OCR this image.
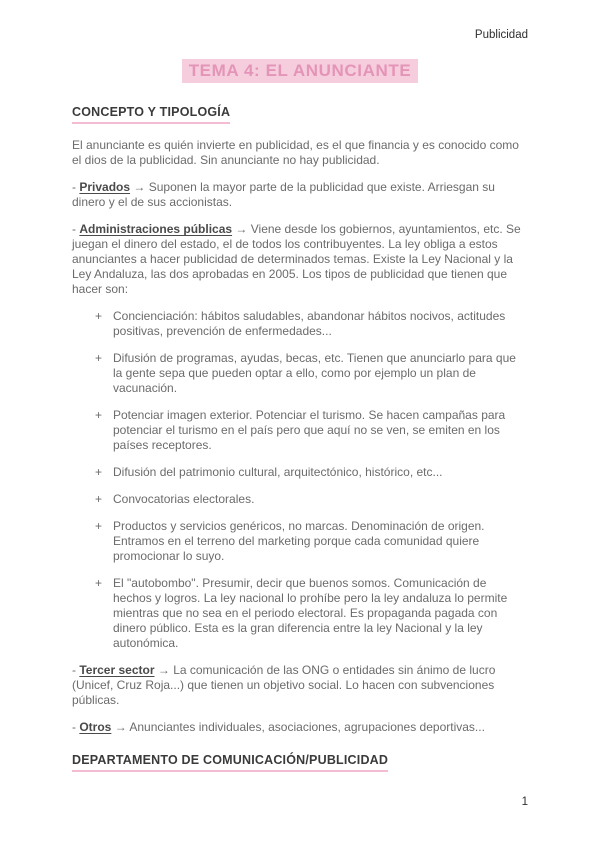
Publicidad
TEMA 4: EL ANUNCIANTE
CONCEPTO Y TIPOLOGÍA

El anunciante es quién invierte en publicidad, es el que financia y es conocido como el dios de la publicidad. Sin anunciante no hay publicidad.

- Privados → Suponen la mayor parte de la publicidad que existe. Arriesgan su dinero y el de sus accionistas.

- Administraciones públicas → Viene desde los gobiernos, ayuntamientos, etc. Se juegan el dinero del estado, el de todos los contribuyentes. La ley obliga a estos anunciantes a hacer publicidad de determinados temas. Existe la Ley Nacional y la Ley Andaluza, las dos aprobadas en 2005. Los tipos de publicidad que tienen que hacer son:

+ Concienciación: hábitos saludables, abandonar hábitos nocivos, actitudes positivas, prevención de enfermedades...
+ Difusión de programas, ayudas, becas, etc. Tienen que anunciarlo para que la gente sepa que pueden optar a ello, como por ejemplo un plan de vacunación.
+ Potenciar imagen exterior. Potenciar el turismo. Se hacen campañas para potenciar el turismo en el país pero que aquí no se ven, se emiten en los países receptores.
+ Difusión del patrimonio cultural, arquitectónico, histórico, etc...
+ Convocatorias electorales.
+ Productos y servicios genéricos, no marcas. Denominación de origen. Entramos en el terreno del marketing porque cada comunidad quiere promocionar lo suyo.
+ El "autobombo". Presumir, decir que buenos somos. Comunicación de hechos y logros. La ley nacional lo prohíbe pero la ley andaluza lo permite mientras que no sea en el periodo electoral. Es propaganda pagada con dinero público. Esta es la gran diferencia entre la ley Nacional y la ley autonómica.

- Tercer sector → La comunicación de las ONG o entidades sin ánimo de lucro (Unicef, Cruz Roja...) que tienen un objetivo social. Lo hacen con subvenciones públicas.

- Otros → Anunciantes individuales, asociaciones, agrupaciones deportivas...

DEPARTAMENTO DE COMUNICACIÓN/PUBLICIDAD
1
